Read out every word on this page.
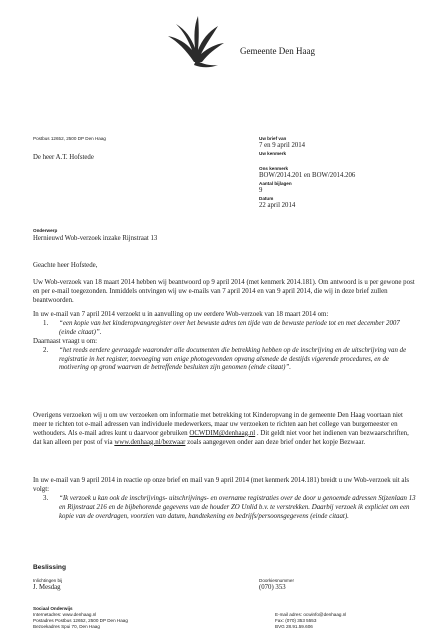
Gemeente Den Haag
Postbus 12652, 2500 DP Den Haag
De heer A.T. Hofstede
Uw brief van
7 en 9 april 2014
Uw kenmerk
Ons kenmerk
BOW/2014.201 en BOW/2014.206
Aantal bijlagen
9
Datum
22 april 2014
Onderwerp
Hernieuwd Wob-verzoek inzake Rijnstraat 13
Geachte heer Hofstede,

Uw Wob-verzoek van 18 maart 2014 hebben wij beantwoord op 9 april 2014 (met kenmerk 2014.181). Om antwoord is u per gewone post en per e-mail toegezonden. Inmiddels ontvingen wij uw e-mails van 7 april 2014 en van 9 april 2014, die wij in deze brief zullen beantwoorden.

In uw e-mail van 7 april 2014 verzoekt u in aanvulling op uw eerdere Wob-verzoek van 18 maart 2014 om:

1. “een kopie van het kinderopvangregister over het bewuste adres ten tijde van de bewuste periode tot en met december 2007 (einde citaat)”.

Daarnaast vraagt u om:

2. “het reeds eerdere gevraagde waaronder alle documenten die betrekking hebben op de inschrijving en de uitschrijving van de registratie in het register, toevoeging van enige photogevonden opvang alsmede de destijds vigerende procedures, en de motivering op grond waarvan de betreffende besluiten zijn genomen (einde citaat)”.

Overigens verzoeken wij u om uw verzoeken om informatie met betrekking tot Kinderopvang in de gemeente Den Haag voortaan niet meer te richten tot e-mail adressen van individuele medewerkers, maar uw verzoeken te richten aan het college van burgemeester en wethouders. Als e-mail adres kunt u daarvoor gebruiken OCWDIM@denhaag.nl . Dit geldt niet voor het indienen van bezwaarschriften, dat kan alleen per post of via www.denhaag.nl/bezwaar zoals aangegeven onder aan deze brief onder het kopje Bezwaar.

In uw e-mail van 9 april 2014 in reactie op onze brief en mail van 9 april 2014 (met kenmerk 2014.181) breidt u uw Wob-verzoek uit als volgt:

3. “Ik verzoek u kan ook de inschrijvings- uitschrijvings- en overname registraties over de door u genoemde adressen Stjzenlaan 13 en Rijnstraat 216 en de bijbehorende gegevens van de houder ZO Unlid b.v. te verstrekken. Daarbij verzoek ik expliciet om een kopie van de overdragen, voorzien van datum, handtekening en bedrijfs/persoonsgegevens (einde citaat).
Beslissing
Inlichtingen bij
J. Mesdag
Doorkiesnummer
(070) 353
Sociaal Onderwijs
Internetadres: www.denhaag.nl
Postadres Postbus 12652, 2500 DP Den Haag
Bezoekadres Spui 70, Den Haag
E-mail adres: ocwinfo@denhaag.nl
Fax: (070) 353 5553
BVG 28.91.59.606
